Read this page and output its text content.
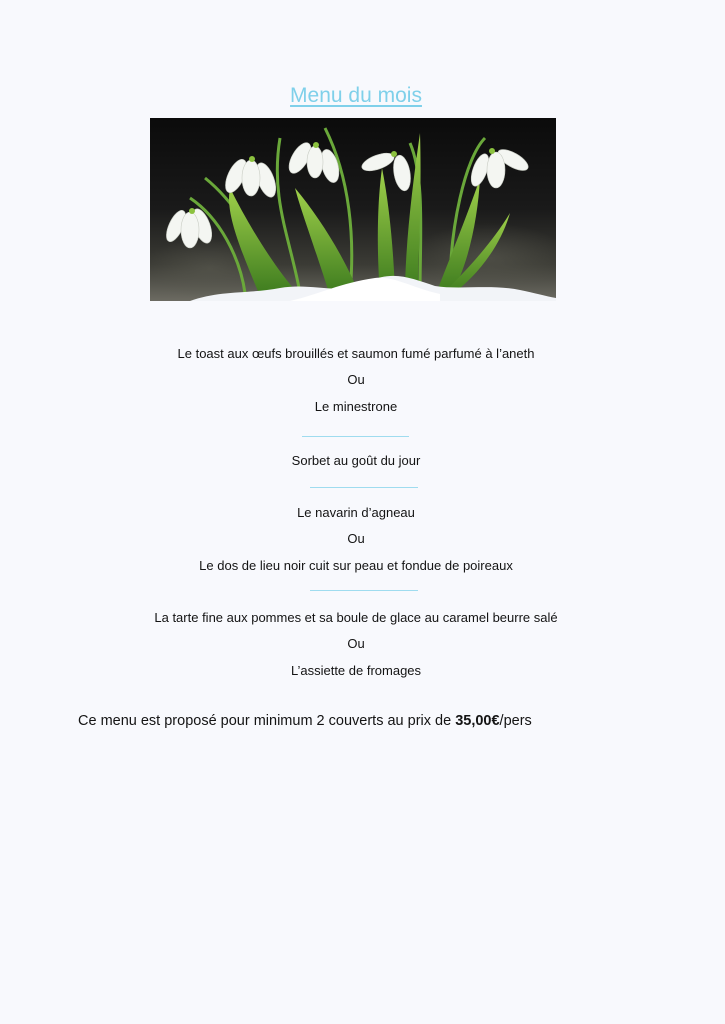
Menu du mois
Le toast aux œufs brouillés et saumon fumé parfumé à l’aneth
Ou
Le minestrone
Sorbet au goût du jour
Le navarin d’agneau
Ou
Le dos de lieu noir cuit sur peau et fondue de poireaux
La tarte fine aux pommes et sa boule de glace au caramel beurre salé
Ou
L’assiette de fromages
Ce menu est proposé pour minimum 2 couverts au prix de 35,00€/pers
